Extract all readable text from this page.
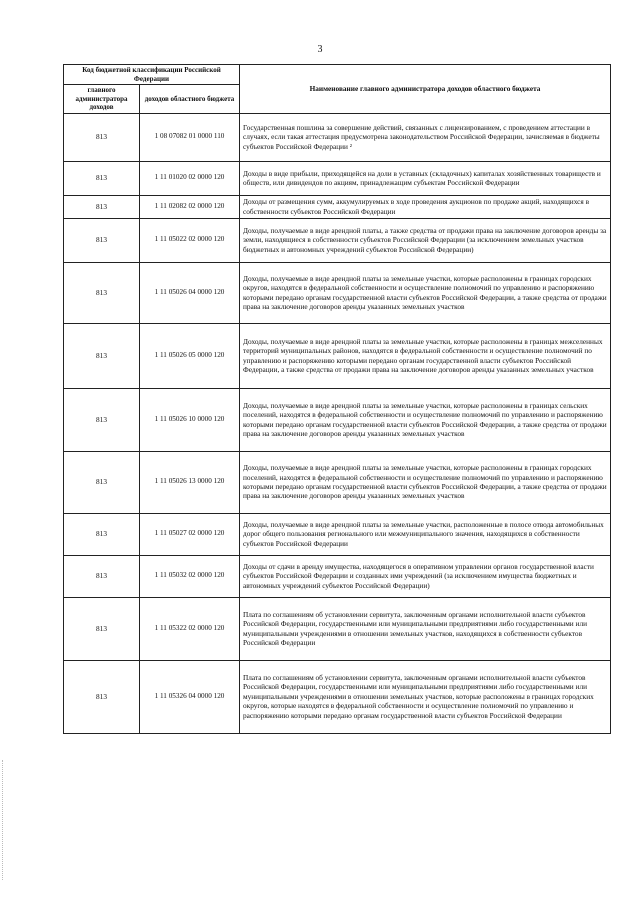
3
Код бюджетной классификации Российской Федерации		Наименование главного администратора доходов областного бюджета
главного администратора доходов	доходов областного бюджета	
813	1 08 07082 01 0000 110	Государственная пошлина за совершение действий, связанных с лицензированием, с проведением аттестации в случаях, если такая аттестация предусмотрена законодательством Российской Федерации, зачисляемая в бюджеты субъектов Российской Федерации ²
813	1 11 01020 02 0000 120	Доходы в виде прибыли, приходящейся на доли в уставных (складочных) капиталах хозяйственных товариществ и обществ, или дивидендов по акциям, принадлежащим субъектам Российской Федерации
813	1 11 02082 02 0000 120	Доходы от размещения сумм, аккумулируемых в ходе проведения аукционов по продаже акций, находящихся в собственности субъектов Российской Федерации
813	1 11 05022 02 0000 120	Доходы, получаемые в виде арендной платы, а также средства от продажи права на заключение договоров аренды за земли, находящиеся в собственности субъектов Российской Федерации (за исключением земельных участков бюджетных и автономных учреждений субъектов Российской Федерации)
813	1 11 05026 04 0000 120	Доходы, получаемые в виде арендной платы за земельные участки, которые расположены в границах городских округов, находятся в федеральной собственности и осуществление полномочий по управлению и распоряжению которыми передано органам государственной власти субъектов Российской Федерации, а также средства от продажи права на заключение договоров аренды указанных земельных участков
813	1 11 05026 05 0000 120	Доходы, получаемые в виде арендной платы за земельные участки, которые расположены в границах межселенных территорий муниципальных районов, находятся в федеральной собственности и осуществление полномочий по управлению и распоряжению которыми передано органам государственной власти субъектов Российской Федерации, а также средства от продажи права на заключение договоров аренды указанных земельных участков
813	1 11 05026 10 0000 120	Доходы, получаемые в виде арендной платы за земельные участки, которые расположены в границах сельских поселений, находятся в федеральной собственности и осуществление полномочий по управлению и распоряжению которыми передано органам государственной власти субъектов Российской Федерации, а также средства от продажи права на заключение договоров аренды указанных земельных участков
813	1 11 05026 13 0000 120	Доходы, получаемые в виде арендной платы за земельные участки, которые расположены в границах городских поселений, находятся в федеральной собственности и осуществление полномочий по управлению и распоряжению которыми передано органам государственной власти субъектов Российской Федерации, а также средства от продажи права на заключение договоров аренды указанных земельных участков
813	1 11 05027 02 0000 120	Доходы, получаемые в виде арендной платы за земельные участки, расположенные в полосе отвода автомобильных дорог общего пользования регионального или межмуниципального значения, находящихся в собственности субъектов Российской Федерации
813	1 11 05032 02 0000 120	Доходы от сдачи в аренду имущества, находящегося в оперативном управлении органов государственной власти субъектов Российской Федерации и созданных ими учреждений (за исключением имущества бюджетных и автономных учреждений субъектов Российской Федерации)
813	1 11 05322 02 0000 120	Плата по соглашениям об установлении сервитута, заключенным органами исполнительной власти субъектов Российской Федерации, государственными или муниципальными предприятиями либо государственными или муниципальными учреждениями в отношении земельных участков, находящихся в собственности субъектов Российской Федерации
813	1 11 05326 04 0000 120	Плата по соглашениям об установлении сервитута, заключенным органами исполнительной власти субъектов Российской Федерации, государственными или муниципальными предприятиями либо государственными или муниципальными учреждениями в отношении земельных участков, которые расположены в границах городских округов, которые находятся в федеральной собственности и осуществление полномочий по управлению и распоряжению которыми передано органам государственной власти субъектов Российской Федерации
